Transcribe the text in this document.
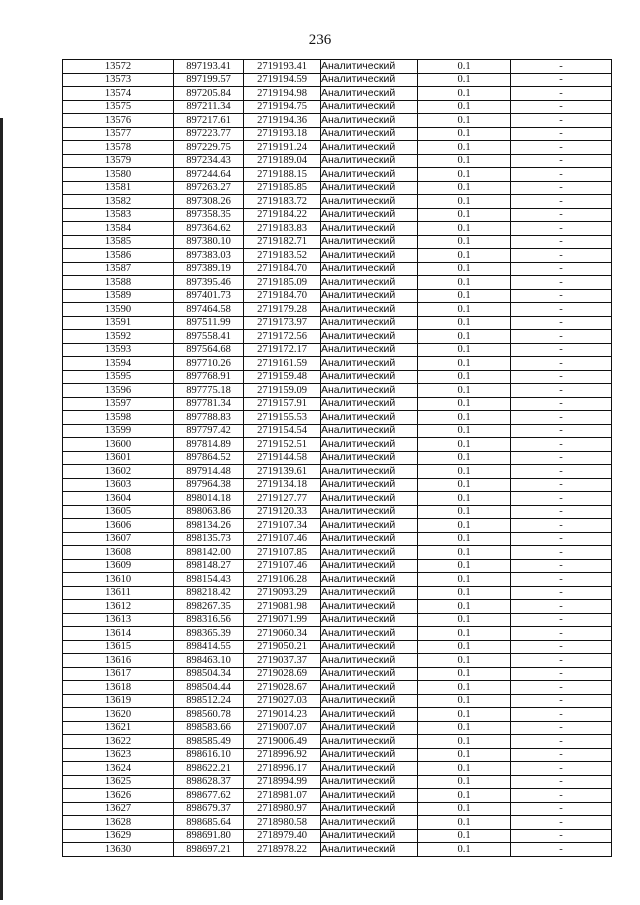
236
13572	897193.41	2719193.41	Аналитический	0.1	-
13573	897199.57	2719194.59	Аналитический	0.1	-
13574	897205.84	2719194.98	Аналитический	0.1	-
13575	897211.34	2719194.75	Аналитический	0.1	-
13576	897217.61	2719194.36	Аналитический	0.1	-
13577	897223.77	2719193.18	Аналитический	0.1	-
13578	897229.75	2719191.24	Аналитический	0.1	-
13579	897234.43	2719189.04	Аналитический	0.1	-
13580	897244.64	2719188.15	Аналитический	0.1	-
13581	897263.27	2719185.85	Аналитический	0.1	-
13582	897308.26	2719183.72	Аналитический	0.1	-
13583	897358.35	2719184.22	Аналитический	0.1	-
13584	897364.62	2719183.83	Аналитический	0.1	-
13585	897380.10	2719182.71	Аналитический	0.1	-
13586	897383.03	2719183.52	Аналитический	0.1	-
13587	897389.19	2719184.70	Аналитический	0.1	-
13588	897395.46	2719185.09	Аналитический	0.1	-
13589	897401.73	2719184.70	Аналитический	0.1	-
13590	897464.58	2719179.28	Аналитический	0.1	-
13591	897511.99	2719173.97	Аналитический	0.1	-
13592	897558.41	2719172.56	Аналитический	0.1	-
13593	897564.68	2719172.17	Аналитический	0.1	-
13594	897710.26	2719161.59	Аналитический	0.1	-
13595	897768.91	2719159.48	Аналитический	0.1	-
13596	897775.18	2719159.09	Аналитический	0.1	-
13597	897781.34	2719157.91	Аналитический	0.1	-
13598	897788.83	2719155.53	Аналитический	0.1	-
13599	897797.42	2719154.54	Аналитический	0.1	-
13600	897814.89	2719152.51	Аналитический	0.1	-
13601	897864.52	2719144.58	Аналитический	0.1	-
13602	897914.48	2719139.61	Аналитический	0.1	-
13603	897964.38	2719134.18	Аналитический	0.1	-
13604	898014.18	2719127.77	Аналитический	0.1	-
13605	898063.86	2719120.33	Аналитический	0.1	-
13606	898134.26	2719107.34	Аналитический	0.1	-
13607	898135.73	2719107.46	Аналитический	0.1	-
13608	898142.00	2719107.85	Аналитический	0.1	-
13609	898148.27	2719107.46	Аналитический	0.1	-
13610	898154.43	2719106.28	Аналитический	0.1	-
13611	898218.42	2719093.29	Аналитический	0.1	-
13612	898267.35	2719081.98	Аналитический	0.1	-
13613	898316.56	2719071.99	Аналитический	0.1	-
13614	898365.39	2719060.34	Аналитический	0.1	-
13615	898414.55	2719050.21	Аналитический	0.1	-
13616	898463.10	2719037.37	Аналитический	0.1	-
13617	898504.34	2719028.69	Аналитический	0.1	-
13618	898504.44	2719028.67	Аналитический	0.1	-
13619	898512.24	2719027.03	Аналитический	0.1	-
13620	898560.78	2719014.23	Аналитический	0.1	-
13621	898583.66	2719007.07	Аналитический	0.1	-
13622	898585.49	2719006.49	Аналитический	0.1	-
13623	898616.10	2718996.92	Аналитический	0.1	-
13624	898622.21	2718996.17	Аналитический	0.1	-
13625	898628.37	2718994.99	Аналитический	0.1	-
13626	898677.62	2718981.07	Аналитический	0.1	-
13627	898679.37	2718980.97	Аналитический	0.1	-
13628	898685.64	2718980.58	Аналитический	0.1	-
13629	898691.80	2718979.40	Аналитический	0.1	-
13630	898697.21	2718978.22	Аналитический	0.1	-
